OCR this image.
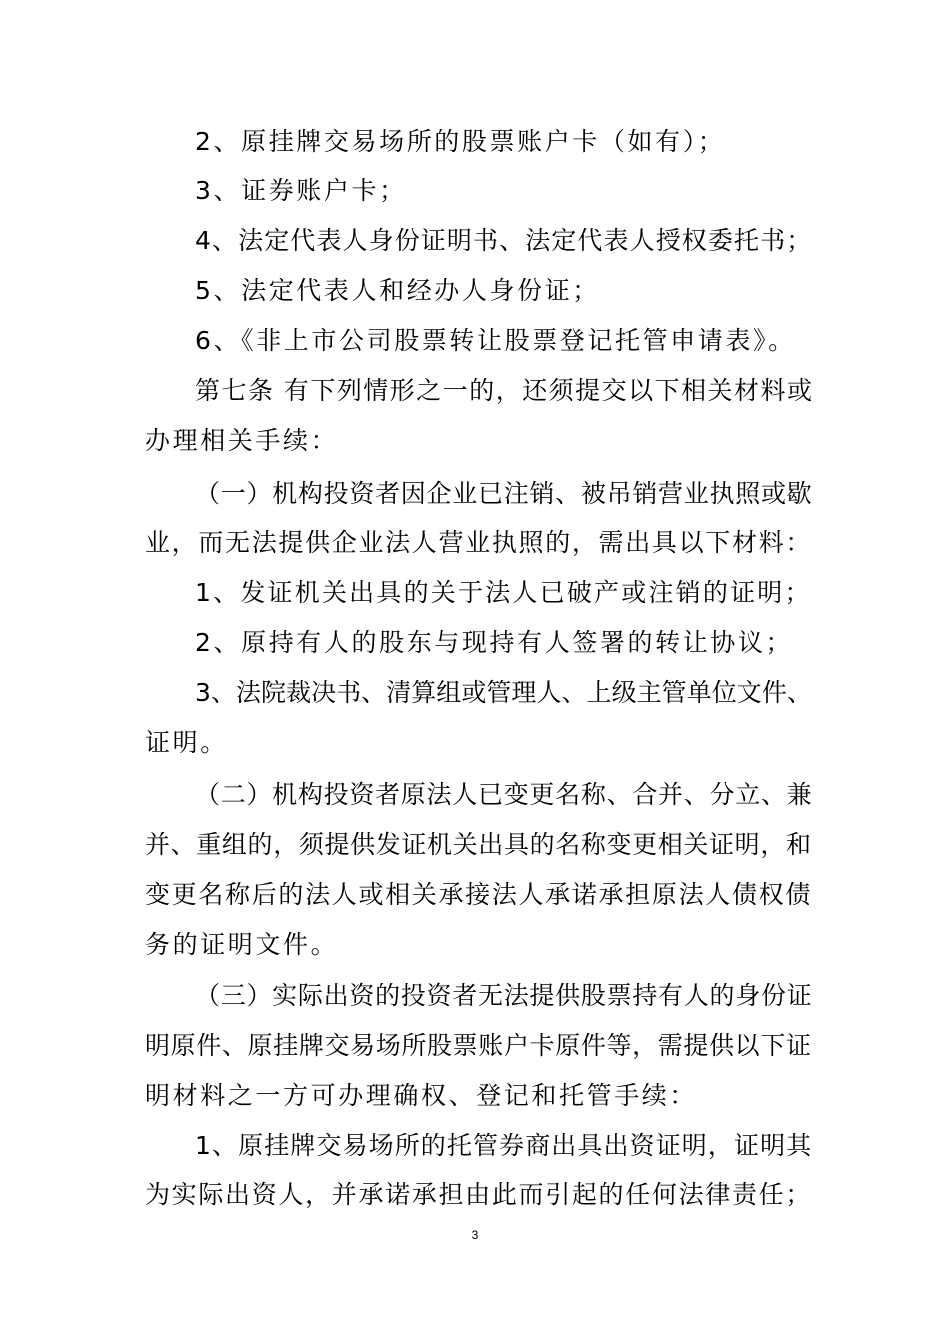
2、原挂牌交易场所的股票账户卡（如有）；
3、证券账户卡；
4、法定代表人身份证明书、法定代表人授权委托书；
5、法定代表人和经办人身份证；
6、《非上市公司股票转让股票登记托管申请表》。
第七条 有下列情形之一的，还须提交以下相关材料或
办理相关手续：
（一）机构投资者因企业已注销、被吊销营业执照或歇
业，而无法提供企业法人营业执照的，需出具以下材料：
1、发证机关出具的关于法人已破产或注销的证明；
2、原持有人的股东与现持有人签署的转让协议；
3、法院裁决书、清算组或管理人、上级主管单位文件、
证明。
（二）机构投资者原法人已变更名称、合并、分立、兼
并、重组的，须提供发证机关出具的名称变更相关证明，和
变更名称后的法人或相关承接法人承诺承担原法人债权债
务的证明文件。
（三）实际出资的投资者无法提供股票持有人的身份证
明原件、原挂牌交易场所股票账户卡原件等，需提供以下证
明材料之一方可办理确权、登记和托管手续：
1、原挂牌交易场所的托管券商出具出资证明，证明其
为实际出资人，并承诺承担由此而引起的任何法律责任；
3
